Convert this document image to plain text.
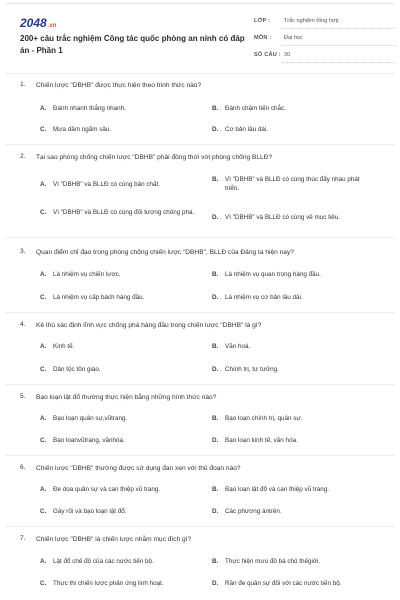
2048.vn
200+ câu trắc nghiệm Công tác quốc phòng an ninh có đáp án - Phần 1
LỚP : Trắc nghiệm tổng hợp
MÔN : Đại học
SỐ CÂU : 30
1. Chiến lược "DBHB" được thực hiện theo hình thức nào?
A. Đánh nhanh thắng nhanh.	B. Đánh chậm tiến chắc.
C. Mưa dầm ngấm sâu.	D. Cơ bản lâu dài.
2. Tại sao phòng chống chiến lược "DBHB" phải đồng thời với phòng chống BLLĐ?
A. Vì "DBHB" và BLLĐ có cùng bản chất.
B. Vì "DBHB" và BLLĐ có cùng thúc đẩy nhau phát triển.
C. Vì "DBHB" và BLLĐ có cùng đối tượng chống phá.
D. Vì "DBHB" và BLLĐ có cùng về mục tiêu.
3. Quan điểm chỉ đạo trong phòng chống chiến lược "DBHB", BLLĐ của Đảng ta hiện nay?
A. Là nhiệm vụ chiến lược.	B. Là nhiệm vụ quan trọng hàng đầu.
C. Là nhiệm vụ cấp bách hàng đầu.	D. Là nhiệm vụ cơ bản lâu dài.
4. Kẻ thù xác định lĩnh vực chống phá hàng đầu trong chiến lược "DBHB" là gì?
A. Kinh tế.	B. Văn hoá.
C. Dân tộc tôn giáo.	D. Chính trị, tư tưởng.
5. Bạo loạn lật đổ thường thực hiện bằng những hình thức nào?
A. Bạo loạn quân sự,vũtrang.	B. Bạo loạn chính trị, quân sự.
C. Bạo loanvũtrang, vănhóa.	D. Bạo loạn kinh tế, văn hóa.
6. Chiến lược "DBHB" thường được sử dụng đan xen với thủ đoạn nào?
A. Đe dọa quân sự và can thiệp vũ trang.	B. Bạo loạn lật đổ và can thiệp vũ trang.
C. Gây rối và bạo loạn lật đổ.	D. Các phương ántrên.
7. Chiến lược "DBHB" là chiến lược nhằm mục đích gì?
A. Lật đổ chế độ của các nước tiến bộ.	B. Thực hiện mưu đồ bá chủ thếgiới.
C. Thực thi chiến lược phản ứng linh hoạt.	D. Răn đe quân sự đối với các nước tiến bộ.
